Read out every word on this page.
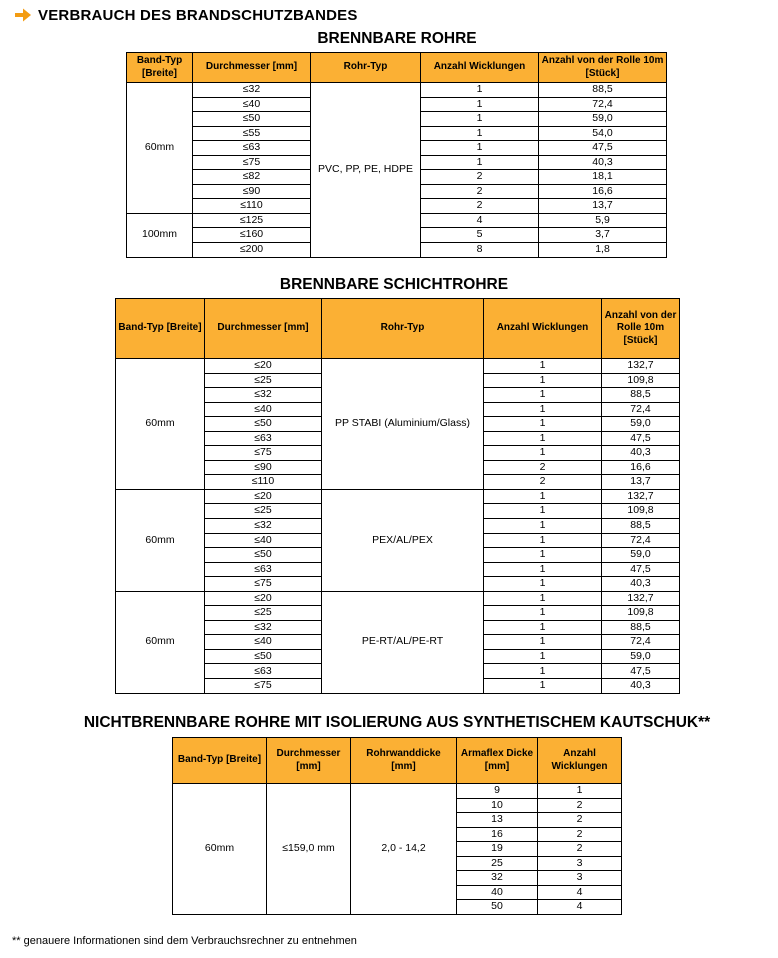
VERBRAUCH DES BRANDSCHUTZBANDES
BRENNBARE ROHRE
Band-Typ [Breite]	Durchmesser [mm]	Rohr-Typ	Anzahl Wicklungen	Anzahl von der Rolle 10m [Stück]
60mm	≤32	PVC, PP, PE, HDPE	1	88,5
	≤40		1	72,4
	≤50		1	59,0
	≤55		1	54,0
	≤63		1	47,5
	≤75		1	40,3
	≤82		2	18,1
	≤90		2	16,6
	≤110		2	13,7
100mm	≤125		4	5,9
	≤160		5	3,7
	≤200		8	1,8
BRENNBARE SCHICHTROHRE
Band-Typ [Breite]	Durchmesser [mm]	Rohr-Typ	Anzahl Wicklungen	Anzahl von der Rolle 10m [Stück]
60mm	≤20	PP STABI (Aluminium/Glass)	1	132,7
	≤25		1	109,8
	≤32		1	88,5
	≤40		1	72,4
	≤50		1	59,0
	≤63		1	47,5
	≤75		1	40,3
	≤90		2	16,6
	≤110		2	13,7
60mm	≤20	PEX/AL/PEX	1	132,7
	≤25		1	109,8
	≤32		1	88,5
	≤40		1	72,4
	≤50		1	59,0
	≤63		1	47,5
	≤75		1	40,3
60mm	≤20	PE-RT/AL/PE-RT	1	132,7
	≤25		1	109,8
	≤32		1	88,5
	≤40		1	72,4
	≤50		1	59,0
	≤63		1	47,5
	≤75		1	40,3
NICHTBRENNBARE ROHRE MIT ISOLIERUNG AUS SYNTHETISCHEM KAUTSCHUK**
Band-Typ [Breite]	Durchmesser [mm]	Rohrwanddicke [mm]	Armaflex Dicke [mm]	Anzahl Wicklungen
60mm	≤159,0 mm	2,0 - 14,2	9	1
			10	2
			13	2
			16	2
			19	2
			25	3
			32	3
			40	4
			50	4
** genauere Informationen sind dem Verbrauchsrechner zu entnehmen
